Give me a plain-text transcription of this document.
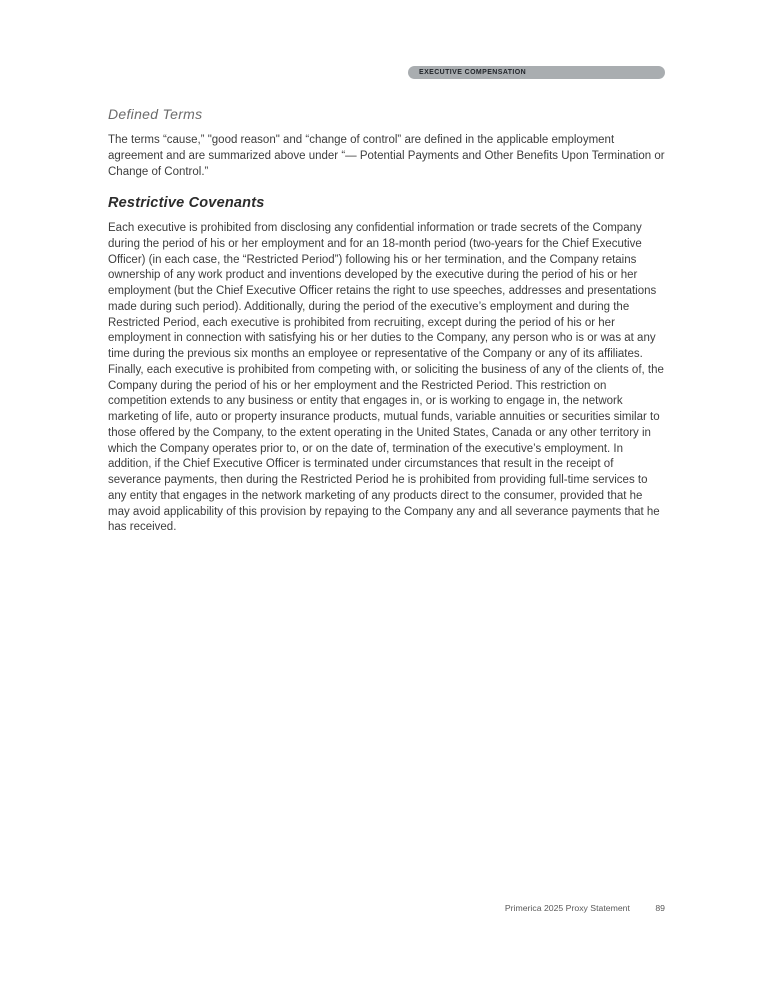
EXECUTIVE COMPENSATION
Defined Terms

The terms “cause,” "good reason" and “change of control” are defined in the applicable employment agreement and are summarized above under “— Potential Payments and Other Benefits Upon Termination or Change of Control.”

Restrictive Covenants

Each executive is prohibited from disclosing any confidential information or trade secrets of the Company during the period of his or her employment and for an 18-month period (two-years for the Chief Executive Officer) (in each case, the “Restricted Period”) following his or her termination, and the Company retains ownership of any work product and inventions developed by the executive during the period of his or her employment (but the Chief Executive Officer retains the right to use speeches, addresses and presentations made during such period). Additionally, during the period of the executive’s employment and during the Restricted Period, each executive is prohibited from recruiting, except during the period of his or her employment in connection with satisfying his or her duties to the Company, any person who is or was at any time during the previous six months an employee or representative of the Company or any of its affiliates. Finally, each executive is prohibited from competing with, or soliciting the business of any of the clients of, the Company during the period of his or her employment and the Restricted Period. This restriction on competition extends to any business or entity that engages in, or is working to engage in, the network marketing of life, auto or property insurance products, mutual funds, variable annuities or securities similar to those offered by the Company, to the extent operating in the United States, Canada or any other territory in which the Company operates prior to, or on the date of, termination of the executive’s employment. In addition, if the Chief Executive Officer is terminated under circumstances that result in the receipt of severance payments, then during the Restricted Period he is prohibited from providing full-time services to any entity that engages in the network marketing of any products direct to the consumer, provided that he may avoid applicability of this provision by repaying to the Company any and all severance payments that he has received.

Primerica 2025 Proxy Statement	89
